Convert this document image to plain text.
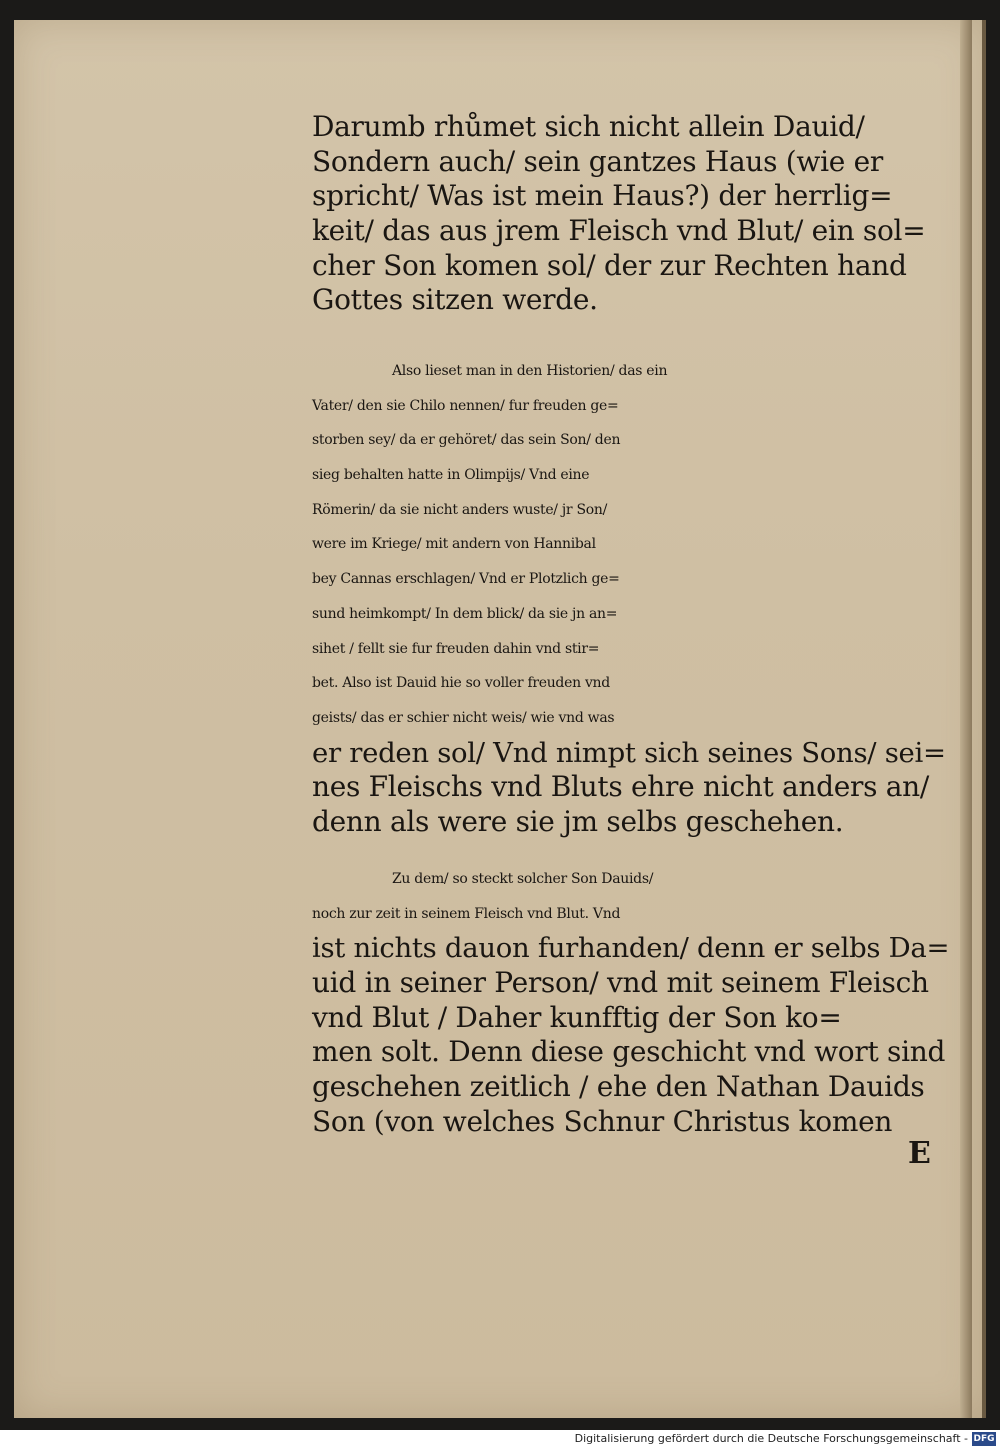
Darumb rhůmet sich nicht allein Dauid/
Sondern auch/ sein gantzes Haus (wie er
spricht/ Was ist mein Haus?) der herrlig=
keit/ das aus jrem Fleisch vnd Blut/ ein sol=
cher Son komen sol/ der zur Rechten hand
Gottes sitzen werde.
Also lieset man in den Historien/ das ein
Vater/ den sie Chilo nennen/ fur freuden ge=
storben sey/ da er gehöret/ das sein Son/ den
sieg behalten hatte in Olimpijs/ Vnd eine
Römerin/ da sie nicht anders wuste/ jr Son/
were im Kriege/ mit andern von Hannibal
bey Cannas erschlagen/ Vnd er Plotzlich ge=
sund heimkompt/ In dem blick/ da sie jn an=
sihet / fellt sie fur freuden dahin vnd stir=
bet. Also ist Dauid hie so voller freuden vnd
geists/ das er schier nicht weis/ wie vnd was
er reden sol/ Vnd nimpt sich seines Sons/ sei=
nes Fleischs vnd Bluts ehre nicht anders an/
denn als were sie jm selbs geschehen.
Zu dem/ so steckt solcher Son Dauids/
noch zur zeit in seinem Fleisch vnd Blut. Vnd
ist nichts dauon furhanden/ denn er selbs Da=
uid in seiner Person/ vnd mit seinem Fleisch
vnd Blut / Daher kunfftig der Son ko=
men solt. Denn diese geschicht vnd wort sind
geschehen zeitlich / ehe den Nathan Dauids
Son (von welches Schnur Christus komen
E
Digitalisierung gefördert durch die Deutsche Forschungsgemeinschaft - DFG
